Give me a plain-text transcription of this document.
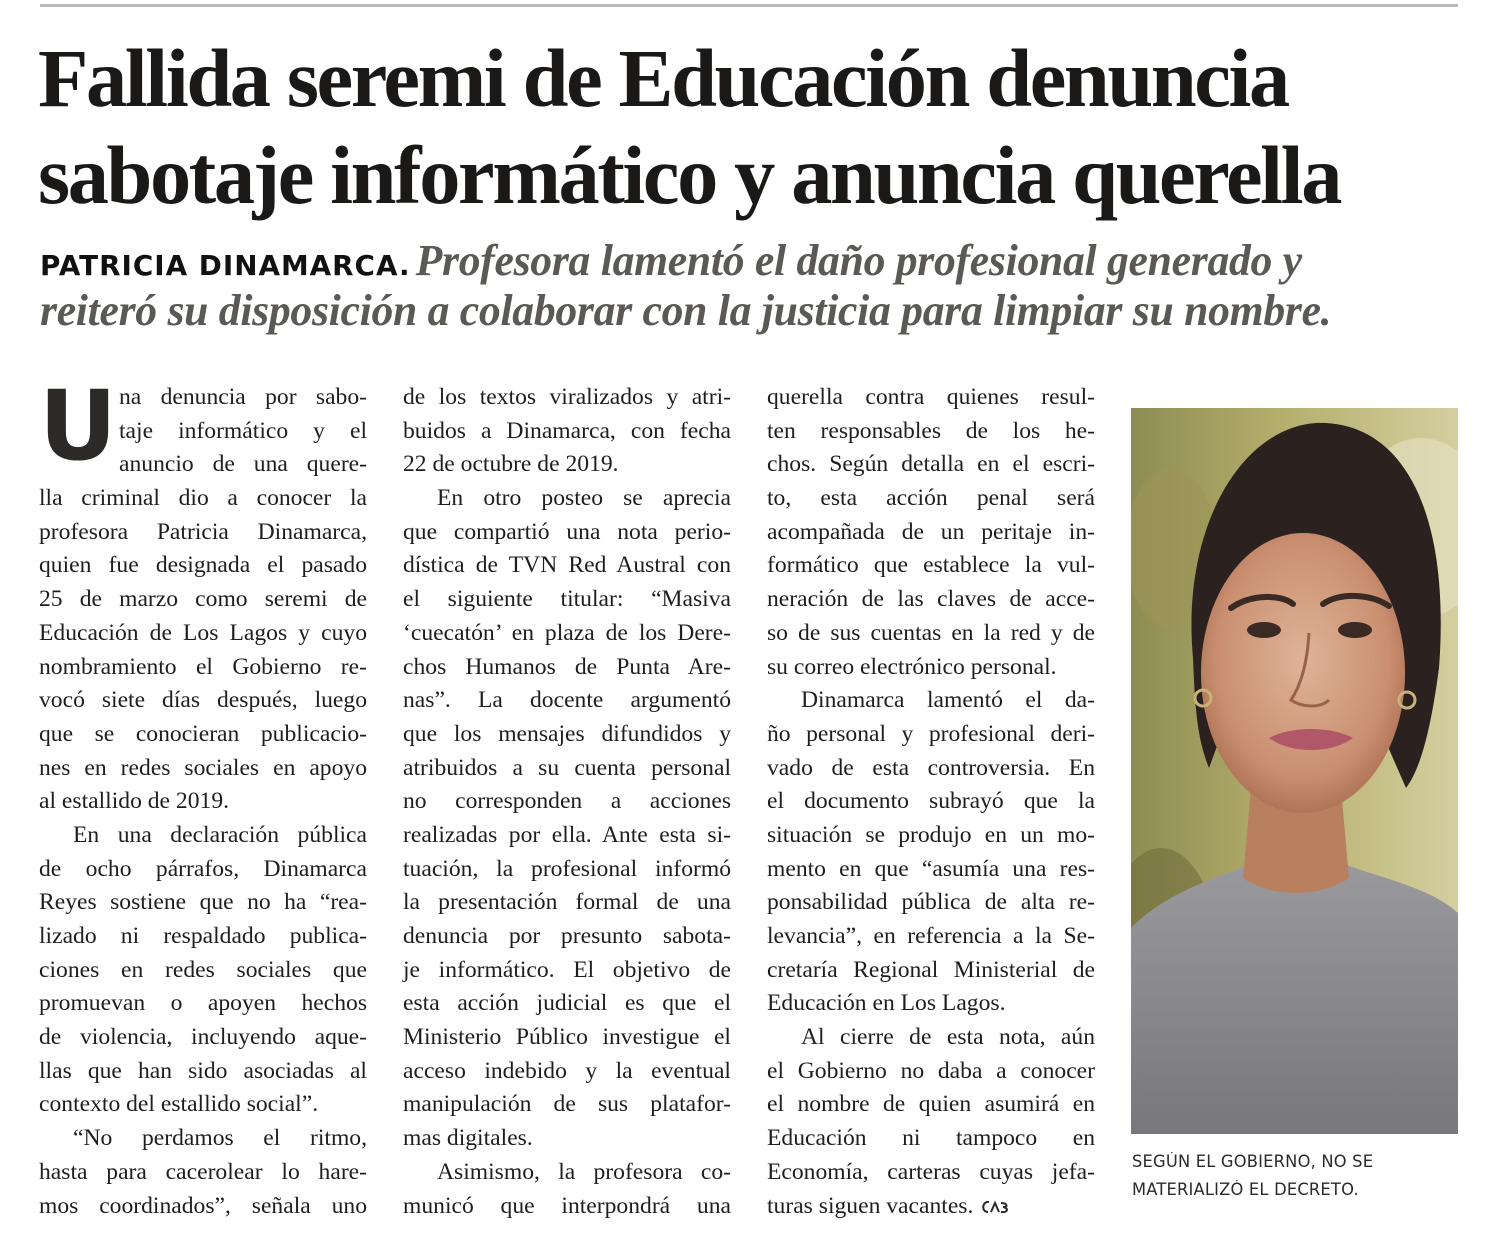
Fallida seremi de Educación denuncia
sabotaje informático y anuncia querella
PATRICIA DINAMARCA. Profesora lamentó el daño profesional generado y
reiteró su disposición a colaborar con la justicia para limpiar su nombre.
U na denuncia por sabo-
taje informático y el
anuncio de una quere-
lla criminal dio a conocer la
profesora Patricia Dinamarca,
quien fue designada el pasado
25 de marzo como seremi de
Educación de Los Lagos y cuyo
nombramiento el Gobierno re-
vocó siete días después, luego
que se conocieran publicacio-
nes en redes sociales en apoyo
al estallido de 2019.
En una declaración pública
de ocho párrafos, Dinamarca
Reyes sostiene que no ha “rea-
lizado ni respaldado publica-
ciones en redes sociales que
promuevan o apoyen hechos
de violencia, incluyendo aque-
llas que han sido asociadas al
contexto del estallido social”.
“No perdamos el ritmo,
hasta para cacerolear lo hare-
mos coordinados”, señala uno
de los textos viralizados y atri-
buidos a Dinamarca, con fecha
22 de octubre de 2019.
En otro posteo se aprecia
que compartió una nota perio-
dística de TVN Red Austral con
el siguiente titular: “Masiva
‘cuecatón’ en plaza de los Dere-
chos Humanos de Punta Are-
nas”. La docente argumentó
que los mensajes difundidos y
atribuidos a su cuenta personal
no corresponden a acciones
realizadas por ella. Ante esta si-
tuación, la profesional informó
la presentación formal de una
denuncia por presunto sabota-
je informático. El objetivo de
esta acción judicial es que el
Ministerio Público investigue el
acceso indebido y la eventual
manipulación de sus platafor-
mas digitales.
Asimismo, la profesora co-
municó que interpondrá una
querella contra quienes resul-
ten responsables de los he-
chos. Según detalla en el escri-
to, esta acción penal será
acompañada de un peritaje in-
formático que establece la vul-
neración de las claves de acce-
so de sus cuentas en la red y de
su correo electrónico personal.
Dinamarca lamentó el da-
ño personal y profesional deri-
vado de esta controversia. En
el documento subrayó que la
situación se produjo en un mo-
mento en que “asumía una res-
ponsabilidad pública de alta re-
levancia”, en referencia a la Se-
cretaría Regional Ministerial de
Educación en Los Lagos.
Al cierre de esta nota, aún
el Gobierno no daba a conocer
el nombre de quien asumirá en
Educación ni tampoco en
Economía, carteras cuyas jefa-
turas siguen vacantes.
SEGÚN EL GOBIERNO, NO SE
MATERIALIZÓ EL DECRETO.
